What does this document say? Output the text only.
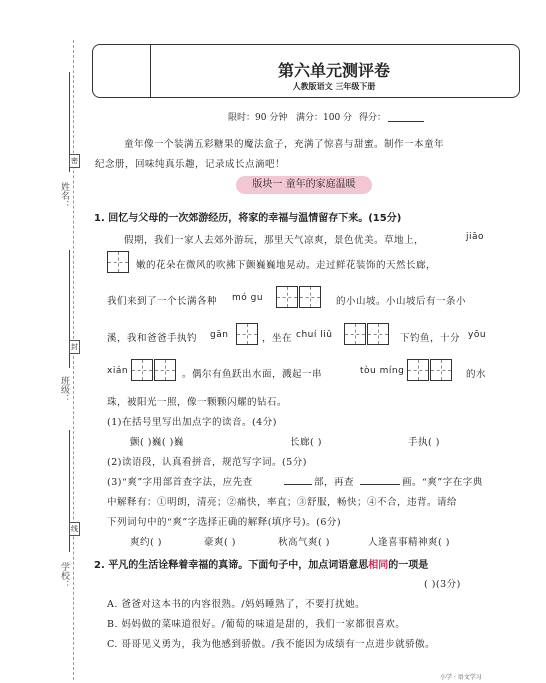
姓名：
密
班级：
封
学校：
线
第六单元测评卷
人教版语文 三年级下册
限时：90 分钟 满分：100 分 得分：
童年像一个装满五彩糖果的魔法盒子，充满了惊喜与甜蜜。制作一本童年
纪念册，回味纯真乐趣，记录成长点滴吧！
版块一 童年的家庭温暖
1. 回忆与父母的一次郊游经历，将家的幸福与温情留存下来。(15分)
假期，我们一家人去郊外游玩，那里天气凉爽，景色优美。草地上，	jiāo
嫩的花朵在微风的吹拂下颤巍巍地晃动。走过鲜花装饰的天然长廊，
我们来到了一个长满各种 mó gu	的小山坡。小山坡后有一条小
溪，我和爸爸手执钓 gān	，坐在 chuí liǔ	下钓鱼，十分 yōu
xián	。偶尔有鱼跃出水面，溅起一串	tòu míng	的水
珠，被阳光一照，像一颗颗闪耀的钻石。
(1)在括号里写出加点字的读音。(4分)
颤( )巍( )巍	长廊( )	手执( )
(2)读语段，认真看拼音，规范写字词。(5分)
(3)“爽”字用部首查字法，应先查	部，再查	画。“爽”字在字典
中解释有：①明朗，清亮；②痛快，率直；③舒服，畅快；④不合，违背。请给
下列词句中的“爽”字选择正确的解释(填序号)。(6分)
爽约( )	豪爽( )	秋高气爽( )	人逢喜事精神爽( )
2. 平凡的生活诠释着幸福的真谛。下面句子中，加点词语意思相同的一项是
( )(3分)
A. 爸爸对这本书的内容很熟。/妈妈睡熟了，不要打扰她。
B. 妈妈做的菜味道很好。/葡萄的味道是甜的，我们一家都很喜欢。
C. 哥哥见义勇为，我为他感到骄傲。/我不能因为成绩有一点进步就骄傲。
小学 · 语文学习
